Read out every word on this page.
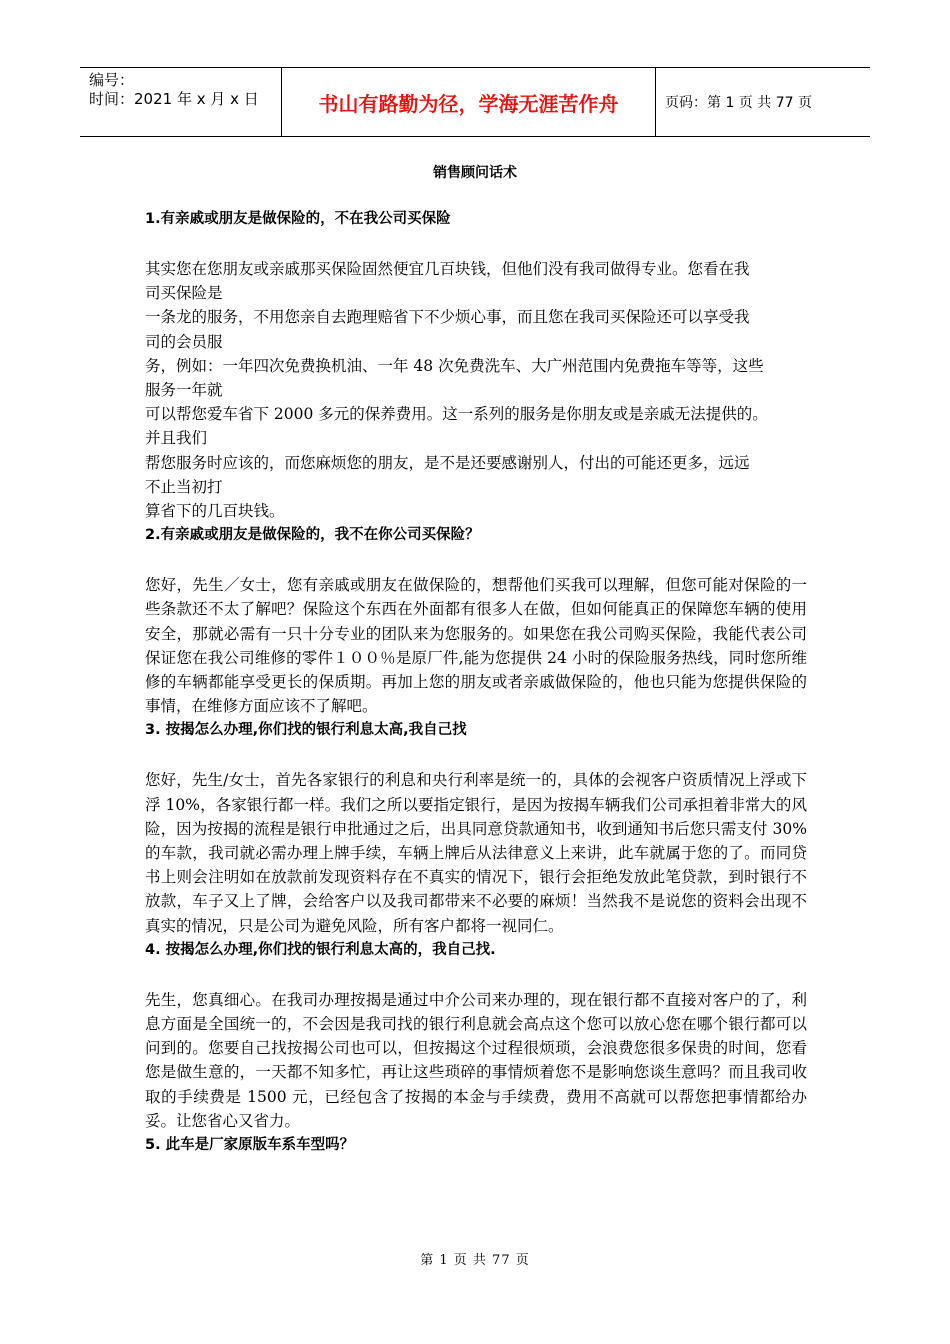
编号：
时间：2021 年 x 月 x 日	书山有路勤为径，学海无涯苦作舟	页码：第 1 页 共 77 页
销售顾问话术
1.有亲戚或朋友是做保险的，不在我公司买保险
其实您在您朋友或亲戚那买保险固然便宜几百块钱，但他们没有我司做得专业。您看在我
司买保险是
一条龙的服务，不用您亲自去跑理赔省下不少烦心事，而且您在我司买保险还可以享受我
司的会员服
务，例如：一年四次免费换机油、一年 48 次免费洗车、大广州范围内免费拖车等等，这些
服务一年就
可以帮您爱车省下 2000 多元的保养费用。这一系列的服务是你朋友或是亲戚无法提供的。
并且我们
帮您服务时应该的，而您麻烦您的朋友，是不是还要感谢别人，付出的可能还更多，远远
不止当初打
算省下的几百块钱。
2.有亲戚或朋友是做保险的，我不在你公司买保险？

您好，先生／女士，您有亲戚或朋友在做保险的，想帮他们买我可以理解，但您可能对保险的一些条款还不太了解吧？保险这个东西在外面都有很多人在做，但如何能真正的保障您车辆的使用安全，那就必需有一只十分专业的团队来为您服务的。如果您在我公司购买保险，我能代表公司保证您在我公司维修的零件１００％是原厂件,能为您提供 24 小时的保险服务热线，同时您所维修的车辆都能享受更长的保质期。再加上您的朋友或者亲戚做保险的，他也只能为您提供保险的事情，在维修方面应该不了解吧。

3. 按揭怎么办理,你们找的银行利息太高,我自己找

您好，先生/女士，首先各家银行的利息和央行利率是统一的，具体的会视客户资质情况上浮或下浮 10%，各家银行都一样。我们之所以要指定银行，是因为按揭车辆我们公司承担着非常大的风险，因为按揭的流程是银行申批通过之后，出具同意贷款通知书，收到通知书后您只需支付 30%的车款，我司就必需办理上牌手续，车辆上牌后从法律意义上来讲，此车就属于您的了。而同贷书上则会注明如在放款前发现资料存在不真实的情况下，银行会拒绝发放此笔贷款，到时银行不放款，车子又上了牌，会给客户以及我司都带来不必要的麻烦！当然我不是说您的资料会出现不真实的情况，只是公司为避免风险，所有客户都将一视同仁。

4. 按揭怎么办理,你们找的银行利息太高的，我自己找.

先生，您真细心。在我司办理按揭是通过中介公司来办理的，现在银行都不直接对客户的了，利息方面是全国统一的，不会因是我司找的银行利息就会高点这个您可以放心您在哪个银行都可以问到的。您要自己找按揭公司也可以，但按揭这个过程很烦琐，会浪费您很多保贵的时间，您看您是做生意的，一天都不知多忙，再让这些琐碎的事情烦着您不是影响您谈生意吗？而且我司收取的手续费是 1500 元，已经包含了按揭的本金与手续费，费用不高就可以帮您把事情都给办妥。让您省心又省力。

5. 此车是厂家原版车系车型吗？
第 1 页 共 77 页
